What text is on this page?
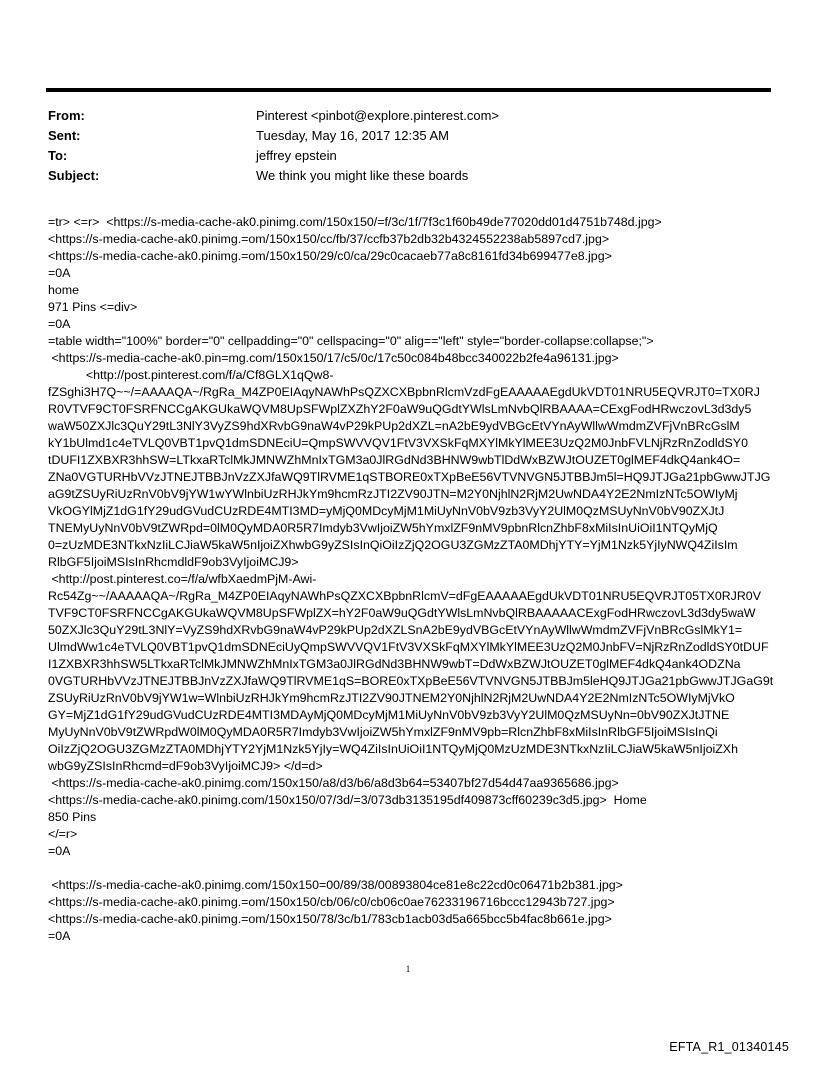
From:	Pinterest <pinbot@explore.pinterest.com>
Sent:	Tuesday, May 16, 2017 12:35 AM
To:	jeffrey epstein
Subject:	We think you might like these boards
=tr> <=r>  <https://s-media-cache-ak0.pinimg.com/150x150/=f/3c/1f/7f3c1f60b49de77020dd01d4751b748d.jpg>
<https://s-media-cache-ak0.pinimg.=om/150x150/cc/fb/37/ccfb37b2db32b4324552238ab5897cd7.jpg>
<https://s-media-cache-ak0.pinimg.=om/150x150/29/c0/ca/29c0cacaeb77a8c8161fd34b699477e8.jpg>
=0A
home
971 Pins <=div>
=0A
=table width="100%" border="0" cellpadding="0" cellspacing="0" alig=="left" style="border-collapse:collapse;">
<https://s-media-cache-ak0.pin=mg.com/150x150/17/c5/0c/17c50c084b48bcc340022b2fe4a96131.jpg>
<http://post.pinterest.com/f/a/Cf8GLX1qQw8-
fZSghi3H7Q~~/=AAAAQA~/RgRa_M4ZP0EIAqyNAWhPsQZXCXBpbnRlcmVzdFgEAAAAAEgdUkVDT01NRU5EQVRJT0=TX0RJ
R0VTVF9CT0FSRFNCCgAKGUkaWQVM8UpSFWplZXZhY2F0aW9uQGdtYWlsLmNvbQlRBAAAA=CExgFodHRwczovL3d3dy5
waW50ZXJlc3QuY29tL3NlY3VyZS9hdXRvbG9naW4vP29kPUp2dXZL=nA2bE9ydVBGcEtVYnAyWllwWmdmZVFjVnBRcGslM
kY1bUlmd1c4eTVLQ0VBT1pvQ1dmSDNEciU=QmpSWVVQV1FtV3VXSkFqMXYlMkYlMEE3UzQ2M0JnbFVLNjRzRnZodldSY0
tDUFI1ZXBXR3hhSW=LTkxaRTclMkJMNWZhMnIxTGM3a0JlRGdNd3BHNW9wbTlDdWxBZWJtOUZET0glMEF4dkQ4ank4O=
ZNa0VGTURHbVVzJTNEJTBBJnVzZXJfaWQ9TlRVME1qSTBORE0xTXpBeE56VTVNVGN5JTBBJm5l=HQ9JTJGa21pbGwwJTJG
aG9tZSUyRiUzRnV0bV9jYW1wYWlnbiUzRHJkYm9hcmRzJTI2ZV90JTN=M2Y0NjhlN2RjM2UwNDA4Y2E2NmIzNTc5OWIyMj
VkOGYlMjZ1dG1fY29udGVudCUzRDE4MTI3MD=yMjQ0MDcyMjM1MiUyNnV0bV9zb3VyY2UlM0QzMSUyNnV0bV90ZXJtJ
TNEMyUyNnV0bV9tZWRpd=0lM0QyMDA0R5R7Imdyb3VwIjoiZW5hYmxlZF9nMV9pbnRlcnZhbF8xMiIsInUiOiI1NTQyMjQ
0=zUzMDE3NTkxNzIiLCJiaW5kaW5nIjoiZXhwbG9yZSIsInQiOiIzZjQ2OGU3ZGMzZTA0MDhjYTY=YjM1Nzk5YjIyNWQ4ZiIsIm
RlbGF5IjoiMSIsInRhcmdldF9ob3VyIjoiMCJ9>
<http://post.pinterest.co=/f/a/wfbXaedmPjM-Awi-
Rc54Zg~~/AAAAAQA~/RgRa_M4ZP0EIAqyNAWhPsQZXCXBpbnRlcmV=dFgEAAAAAEgdUkVDT01NRU5EQVRJT05TX0RJR0V
TVF9CT0FSRFNCCgAKGUkaWQVM8UpSFWplZX=hY2F0aW9uQGdtYWlsLmNvbQlRBAAAAACExgFodHRwczovL3d3dy5waW
50ZXJlc3QuY29tL3NlY=VyZS9hdXRvbG9naW4vP29kPUp2dXZLSnA2bE9ydVBGcEtVYnAyWllwWmdmZVFjVnBRcGslMkY1=
UlmdWw1c4eTVLQ0VBT1pvQ1dmSDNEciUyQmpSWVVQV1FtV3VXSkFqMXYlMkYlMEE3UzQ2M0JnbFV=NjRzRnZodldSY0tDUF
I1ZXBXR3hhSW5LTkxaRTclMkJMNWZhMnIxTGM3a0JlRGdNd3BHNW9wbT=DdWxBZWJtOUZET0glMEF4dkQ4ank4ODZNa
0VGTURHbVVzJTNEJTBBJnVzZXJfaWQ9TlRVME1qS=BORE0xTXpBeE56VTVNVGN5JTBBJm5leHQ9JTJGa21pbGwwJTJGaG9t
ZSUyRiUzRnV0bV9jYW1w=WlnbiUzRHJkYm9hcmRzJTI2ZV90JTNEM2Y0NjhlN2RjM2UwNDA4Y2E2NmIzNTc5OWIyMjVkO
GY=MjZ1dG1fY29udGVudCUzRDE4MTI3MDAyMjQ0MDcyMjM1MiUyNnV0bV9zb3VyY2UlM0QzMSUyNn=0bV90ZXJtJTNE
MyUyNnV0bV9tZWRpdW0lM0QyMDA0R5R7Imdyb3VwIjoiZW5hYmxlZF9nMV9pb=RlcnZhbF8xMiIsInRlbGF5IjoiMSIsInQi
OiIzZjQ2OGU3ZGMzZTA0MDhjYTY2YjM1Nzk5YjIy=WQ4ZiIsInUiOiI1NTQyMjQ0MzUzMDE3NTkxNzIiLCJiaW5kaW5nIjoiZXh
wbG9yZSIsInRhcmd=dF9ob3VyIjoiMCJ9> </d=d>
<https://s-media-cache-ak0.pinimg.com/150x150/a8/d3/b6/a8d3b64=53407bf27d54d47aa9365686.jpg>
<https://s-media-cache-ak0.pinimg.com/150x150/07/3d/=3/073db3135195df409873cff60239c3d5.jpg>  Home
850 Pins
</=r>
=0A
<https://s-media-cache-ak0.pinimg.com/150x150=00/89/38/00893804ce81e8c22cd0c06471b2b381.jpg>
<https://s-media-cache-ak0.pinimg.=om/150x150/cb/06/c0/cb06c0ae76233196716bccc12943b727.jpg>
<https://s-media-cache-ak0.pinimg.=om/150x150/78/3c/b1/783cb1acb03d5a665bcc5b4fac8b661e.jpg>
=0A
1
EFTA_R1_01340145
